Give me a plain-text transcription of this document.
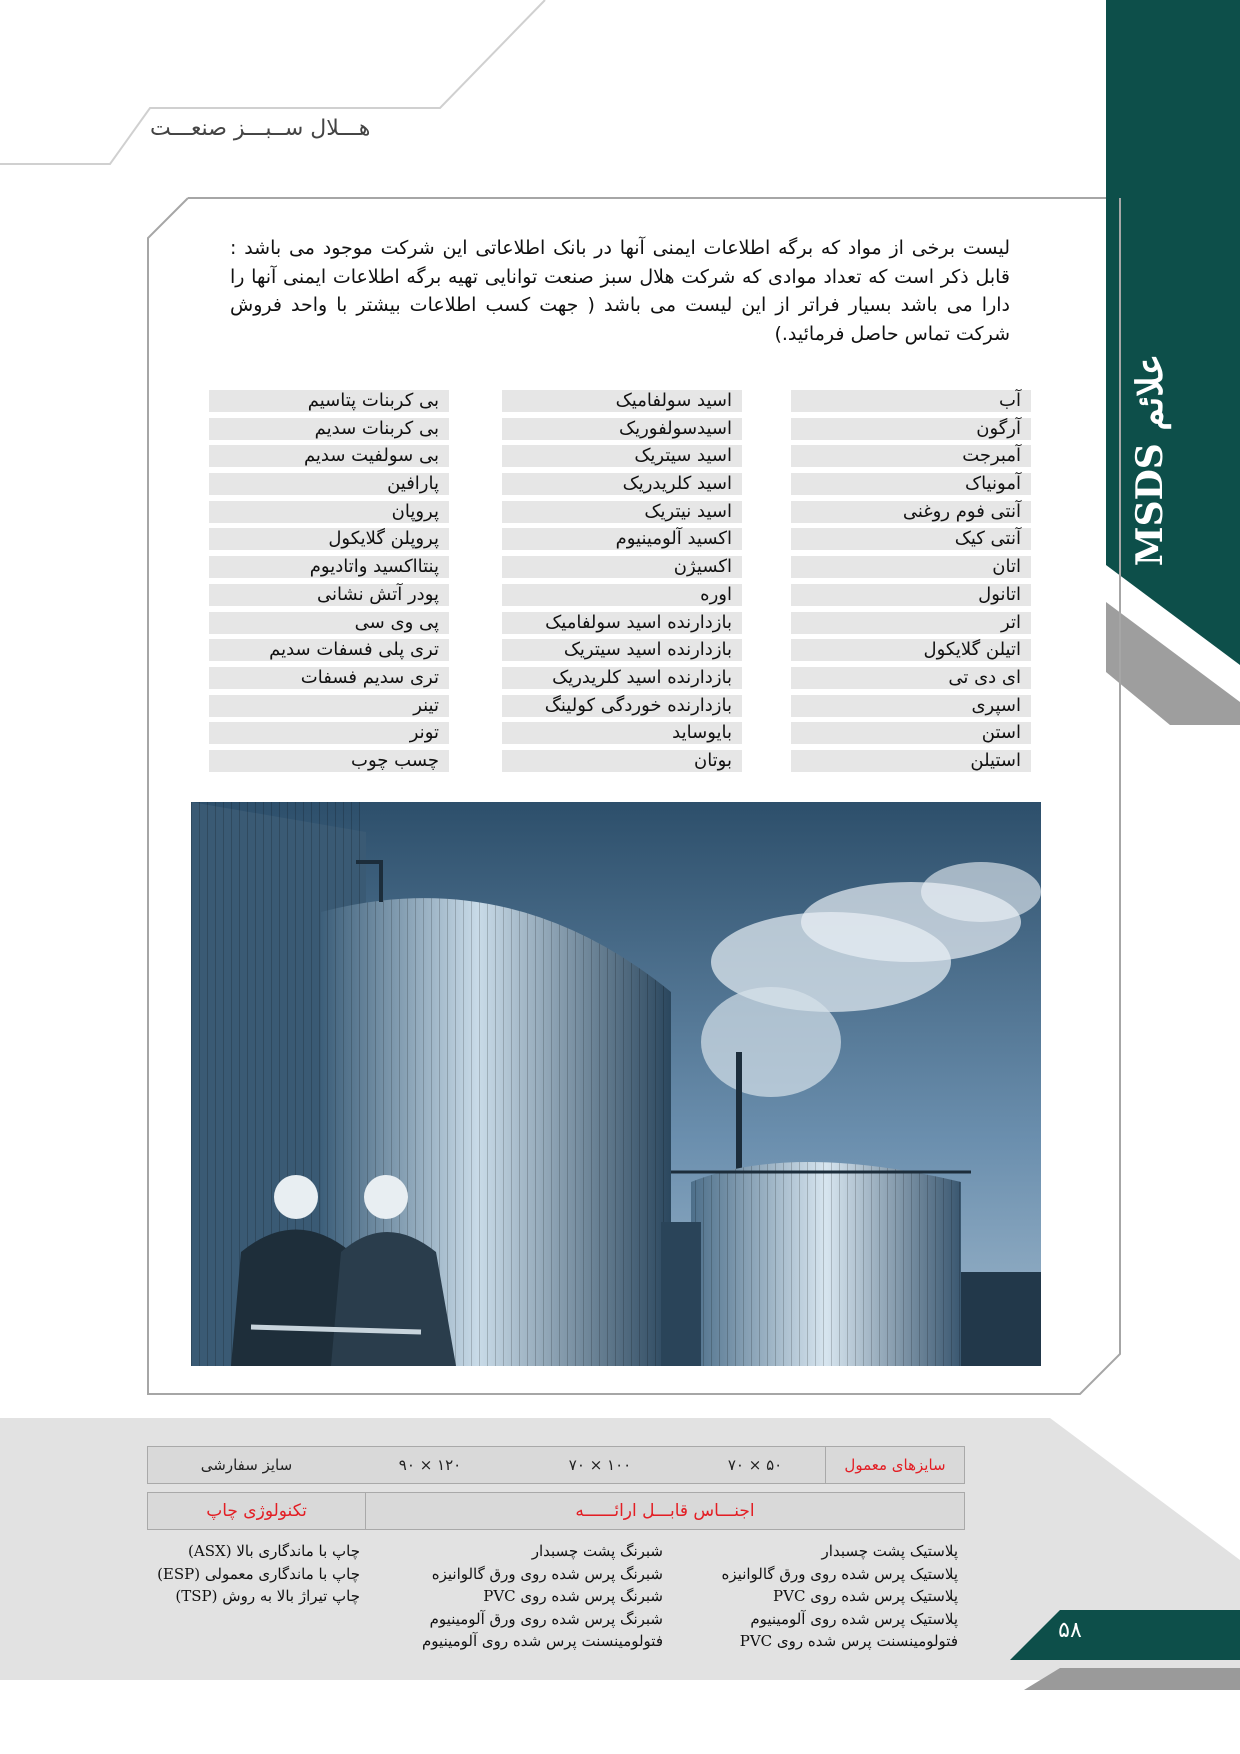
هـــلال ســبـــز صنعـــت
MSDS علائم
لیست برخی از مواد که برگه اطلاعات ایمنی آنها در بانک اطلاعاتی این شرکت موجود می باشد : قابل ذکر است که تعداد موادی که شرکت هلال سبز صنعت توانایی تهیه برگه اطلاعات ایمنی آنها را دارا می باشد بسیار فراتر از این لیست می باشد ( جهت کسب اطلاعات بیشتر با واحد فروش شرکت تماس حاصل فرمائید.)
آب
آرگون
آمبرجت
آمونیاک
آنتی فوم روغنی
آنتی کیک
اتان
اتانول
اتر
اتیلن گلایکول
ای دی تی
اسپری
استن
استیلن
اسید سولفامیک
اسیدسولفوریک
اسید سیتریک
اسید کلریدریک
اسید نیتریک
اکسید آلومینیوم
اکسیژن
اوره
بازدارنده اسید سولفامیک
بازدارنده اسید سیتریک
بازدارنده اسید کلریدریک
بازدارنده خوردگی کولینگ
بایوساید
بوتان
بی کربنات پتاسیم
بی کربنات سدیم
بی سولفیت سدیم
پارافین
پروپان
پروپلن گلایکول
پنتااکسید واتادیوم
پودر آتش نشانی
پی وی سی
تری پلی فسفات سدیم
تری سدیم فسفات
تینر
تونر
چسب چوب
سایزهای معمول
۵۰ × ۷۰
۱۰۰ × ۷۰
۱۲۰ × ۹۰
سایز سفارشی
اجنـــاس قابـــل ارائــــــه
تکنولوژی چاپ
پلاستیک پشت چسبدار
پلاستیک پرس شده روی ورق گالوانیزه
پلاستیک پرس شده روی PVC
پلاستیک پرس شده روی آلومینیوم
فتولومینسنت پرس شده روی PVC
شبرنگ پشت چسبدار
شبرنگ پرس شده روی ورق گالوانیزه
شبرنگ پرس شده روی PVC
شبرنگ پرس شده روی ورق آلومینیوم
فتولومینسنت پرس شده روی آلومینیوم
چاپ با ماندگاری بالا (ASX)
چاپ با ماندگاری معمولی (ESP)
چاپ تیراژ بالا به روش (TSP)
۵۸
